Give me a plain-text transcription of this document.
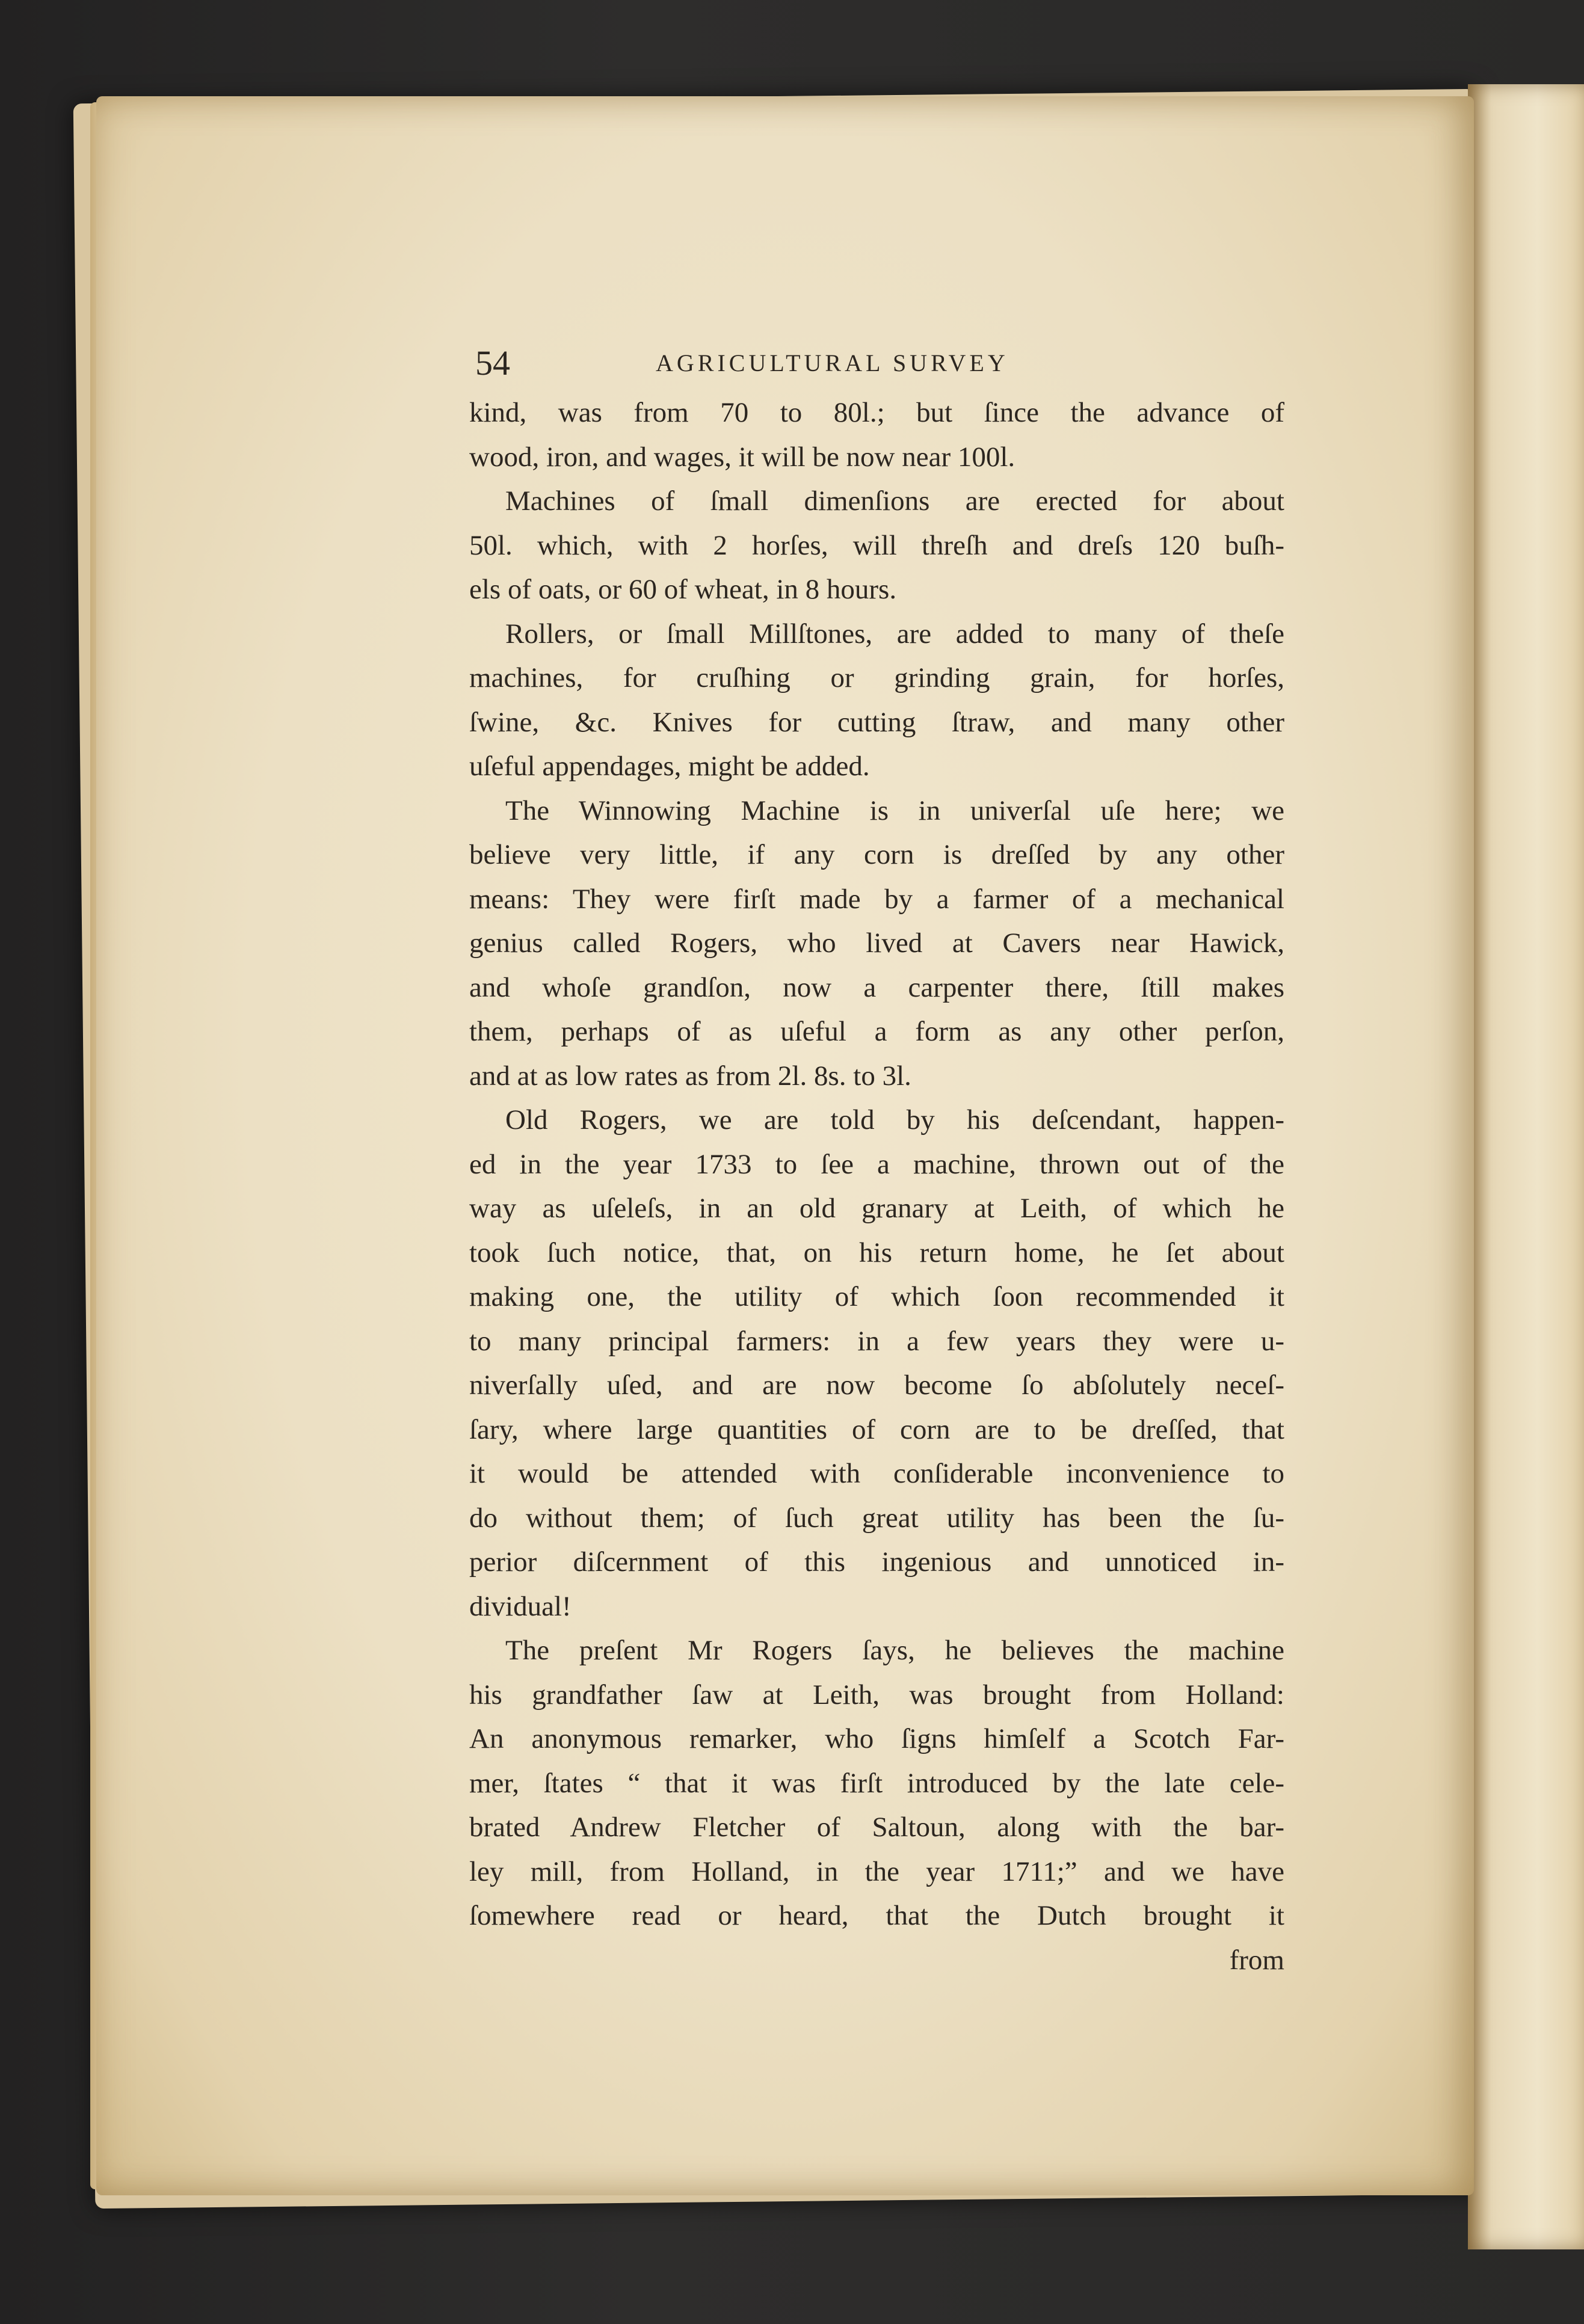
54	AGRICULTURAL SURVEY
kind, was from 70 to 80l.; but ſince the advance of
wood, iron, and wages, it will be now near 100l.
Machines of ſmall dimenſions are erected for about
50l. which, with 2 horſes, will threſh and dreſs 120 buſh-
els of oats, or 60 of wheat, in 8 hours.
Rollers, or ſmall Millſtones, are added to many of theſe
machines, for cruſhing or grinding grain, for horſes,
ſwine, &c. Knives for cutting ſtraw, and many other
uſeful appendages, might be added.
The Winnowing Machine is in univerſal uſe here; we
believe very little, if any corn is dreſſed by any other
means: They were firſt made by a farmer of a mechanical
genius called Rogers, who lived at Cavers near Hawick,
and whoſe grandſon, now a carpenter there, ſtill makes
them, perhaps of as uſeful a form as any other perſon,
and at as low rates as from 2l. 8s. to 3l.
Old Rogers, we are told by his deſcendant, happen-
ed in the year 1733 to ſee a machine, thrown out of the
way as uſeleſs, in an old granary at Leith, of which he
took ſuch notice, that, on his return home, he ſet about
making one, the utility of which ſoon recommended it
to many principal farmers: in a few years they were u-
niverſally uſed, and are now become ſo abſolutely neceſ-
ſary, where large quantities of corn are to be dreſſed, that
it would be attended with conſiderable inconvenience to
do without them; of ſuch great utility has been the ſu-
perior diſcernment of this ingenious and unnoticed in-
dividual!
The preſent Mr Rogers ſays, he believes the machine
his grandfather ſaw at Leith, was brought from Holland:
An anonymous remarker, who ſigns himſelf a Scotch Far-
mer, ſtates “ that it was firſt introduced by the late cele-
brated Andrew Fletcher of Saltoun, along with the bar-
ley mill, from Holland, in the year 1711;” and we have
ſomewhere read or heard, that the Dutch brought it
from
